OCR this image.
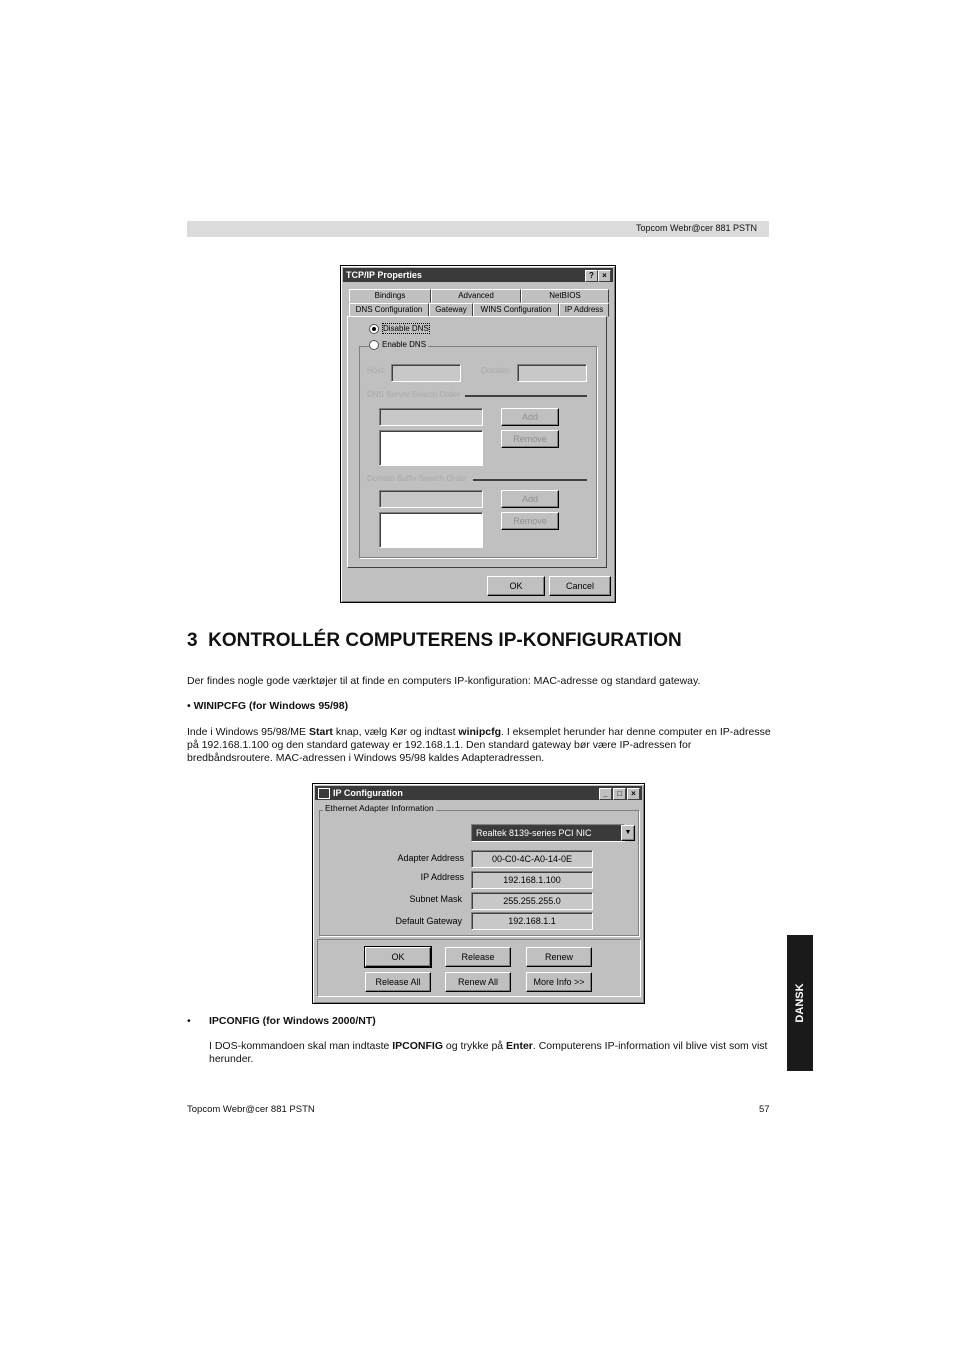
Topcom Webr@cer 881 PSTN
TCP/IP Properties	?	×
Bindings	Advanced	NetBIOS
DNS Configuration	Gateway	WINS Configuration	IP Address
Disable DNS
Enable DNS
Host:	Domain:
DNS Server Search Order
Add
Remove
Domain Suffix Search Order
Add
Remove
OK	Cancel
3 KONTROLLÉR COMPUTERENS IP-KONFIGURATION

Der findes nogle gode værktøjer til at finde en computers IP-konfiguration: MAC-adresse og standard gateway.

• WINIPCFG (for Windows 95/98)

Inde i Windows 95/98/ME Start knap, vælg Kør og indtast winipcfg. I eksemplet herunder har denne computer en IP-adresse på 192.168.1.100 og den standard gateway er 192.168.1.1. Den standard gateway bør være IP-adressen for bredbåndsroutere. MAC-adressen i Windows 95/98 kaldes Adapteradressen.

IP Configuration	_	□	×
Ethernet Adapter Information
Realtek 8139-series PCI NIC	▼
Adapter Address	00-C0-4C-A0-14-0E
IP Address	192.168.1.100
Subnet Mask	255.255.255.0
Default Gateway	192.168.1.1
OK	Release	Renew
Release All	Renew All	More Info >>
• IPCONFIG (for Windows 2000/NT)

I DOS-kommandoen skal man indtaste IPCONFIG og trykke på Enter. Computerens IP-information vil blive vist som vist herunder.

DANSK
Topcom Webr@cer 881 PSTN	57
